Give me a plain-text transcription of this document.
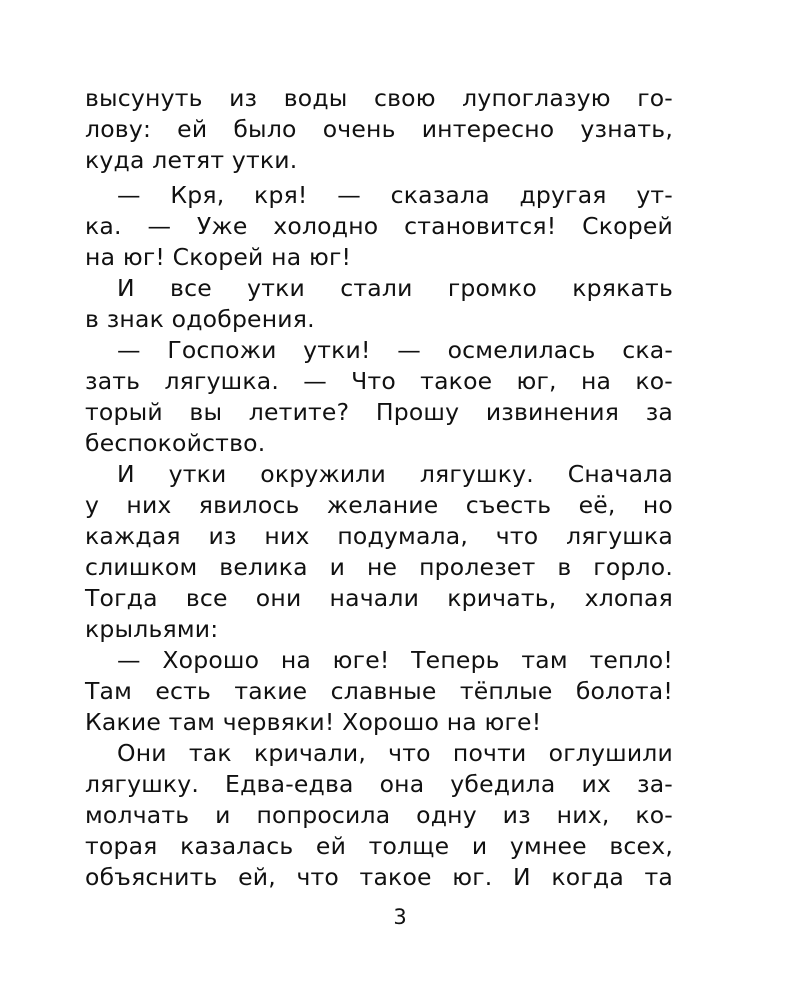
высунуть из воды свою лупоглазую го-
лову: ей было очень интересно узнать,
куда летят утки.
— Кря, кря! — сказала другая ут-
ка. — Уже холодно становится! Скорей
на юг! Скорей на юг!
И все утки стали громко крякать
в знак одобрения.
— Госпожи утки! — осмелилась ска-
зать лягушка. — Что такое юг, на ко-
торый вы летите? Прошу извинения за
беспокойство.
И утки окружили лягушку. Сначала
у них явилось желание съесть её, но
каждая из них подумала, что лягушка
слишком велика и не пролезет в горло.
Тогда все они начали кричать, хлопая
крыльями:
— Хорошо на юге! Теперь там тепло!
Там есть такие славные тёплые болота!
Какие там червяки! Хорошо на юге!
Они так кричали, что почти оглушили
лягушку. Едва-едва она убедила их за-
молчать и попросила одну из них, ко-
торая казалась ей толще и умнее всех,
объяснить ей, что такое юг. И когда та
3
